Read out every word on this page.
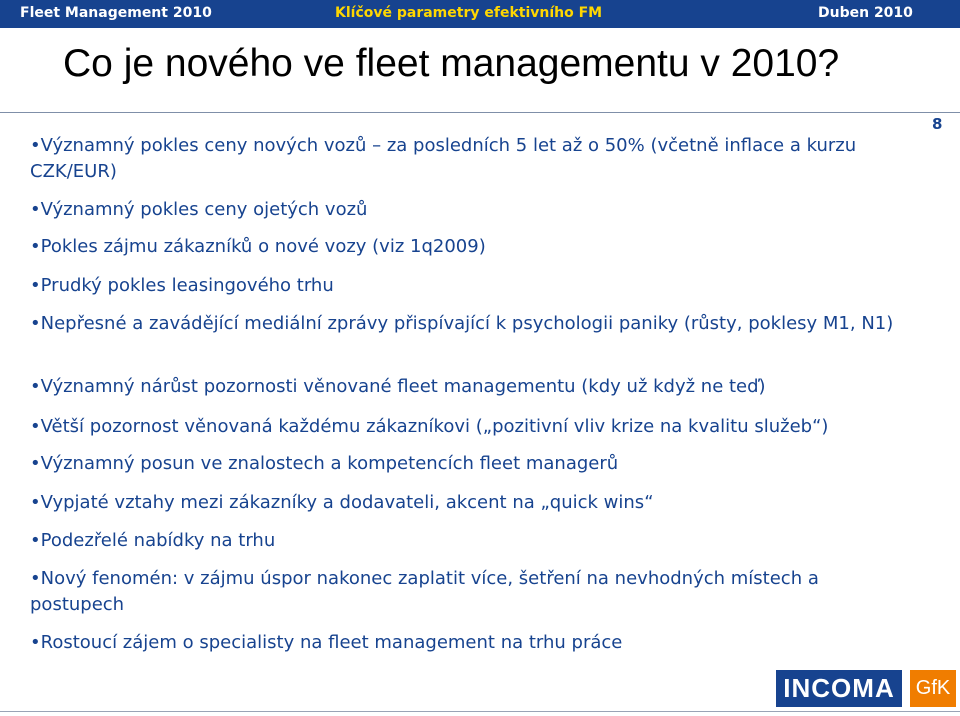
Fleet Management 2010	Klíčové parametry efektivního FM	Duben 2010
Co je nového ve fleet managementu v 2010?
8

•Významný pokles ceny nových vozů – za posledních 5 let až o 50% (včetně inflace a kurzu CZK/EUR)

•Významný pokles ceny ojetých vozů

•Pokles zájmu zákazníků o nové vozy (viz 1q2009)

•Prudký pokles leasingového trhu

•Nepřesné a zavádějící mediální zprávy přispívající k psychologii paniky (růsty, poklesy M1, N1)

•Významný nárůst pozornosti věnované fleet managementu (kdy už když ne teď)

•Větší pozornost věnovaná každému zákazníkovi („pozitivní vliv krize na kvalitu služeb“)

•Významný posun ve znalostech a kompetencích fleet managerů

•Vypjaté vztahy mezi zákazníky a dodavateli, akcent na „quick wins“

•Podezřelé nabídky na trhu

•Nový fenomén: v zájmu úspor nakonec zaplatit více, šetření na nevhodných místech a postupech

•Rostoucí zájem o specialisty na fleet management na trhu práce

INCOMA	GfK
